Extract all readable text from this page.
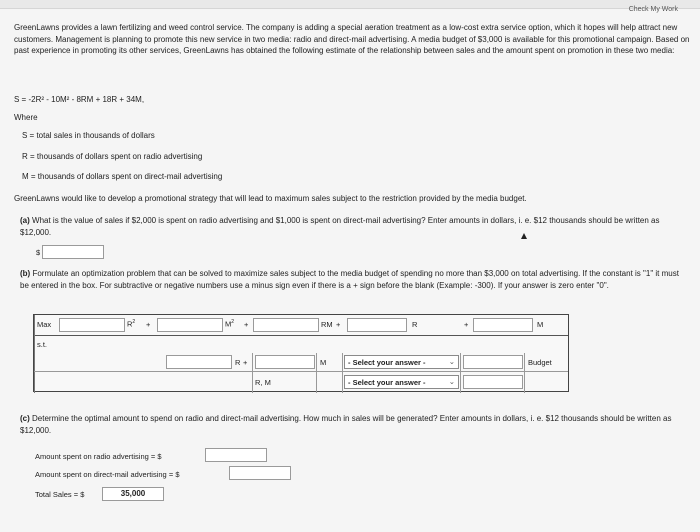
Check My Work
GreenLawns provides a lawn fertilizing and weed control service. The company is adding a special aeration treatment as a low-cost extra service option, which it hopes will help attract new customers. Management is planning to promote this new service in two media: radio and direct-mail advertising. A media budget of $3,000 is available for this promotional campaign. Based on past experience in promoting its other services, GreenLawns has obtained the following estimate of the relationship between sales and the amount spent on promotion in these two media:
S = -2R² - 10M² - 8RM + 18R + 34M,
Where
S = total sales in thousands of dollars
R = thousands of dollars spent on radio advertising
M = thousands of dollars spent on direct-mail advertising
GreenLawns would like to develop a promotional strategy that will lead to maximum sales subject to the restriction provided by the media budget.
(a) What is the value of sales if $2,000 is spent on radio advertising and $1,000 is spent on direct-mail advertising? Enter amounts in dollars, i. e. $12 thousands should be written as $12,000.
$
(b) Formulate an optimization problem that can be solved to maximize sales subject to the media budget of spending no more than $3,000 on total advertising. If the constant is "1" it must be entered in the box. For subtractive or negative numbers use a minus sign even if there is a + sign before the blank (Example: -300). If your answer is zero enter "0".
Max	$R^2$ +	$M^2$ +	RM +	R	+	M
s.t.
R +	M	- Select your answer -	⌄	Budget
R, M	- Select your answer -	⌄
(c) Determine the optimal amount to spend on radio and direct-mail advertising. How much in sales will be generated? Enter amounts in dollars, i. e. $12 thousands should be written as $12,000.
Amount spent on radio advertising = $
Amount spent on direct-mail advertising = $
Total Sales = $	35,000
